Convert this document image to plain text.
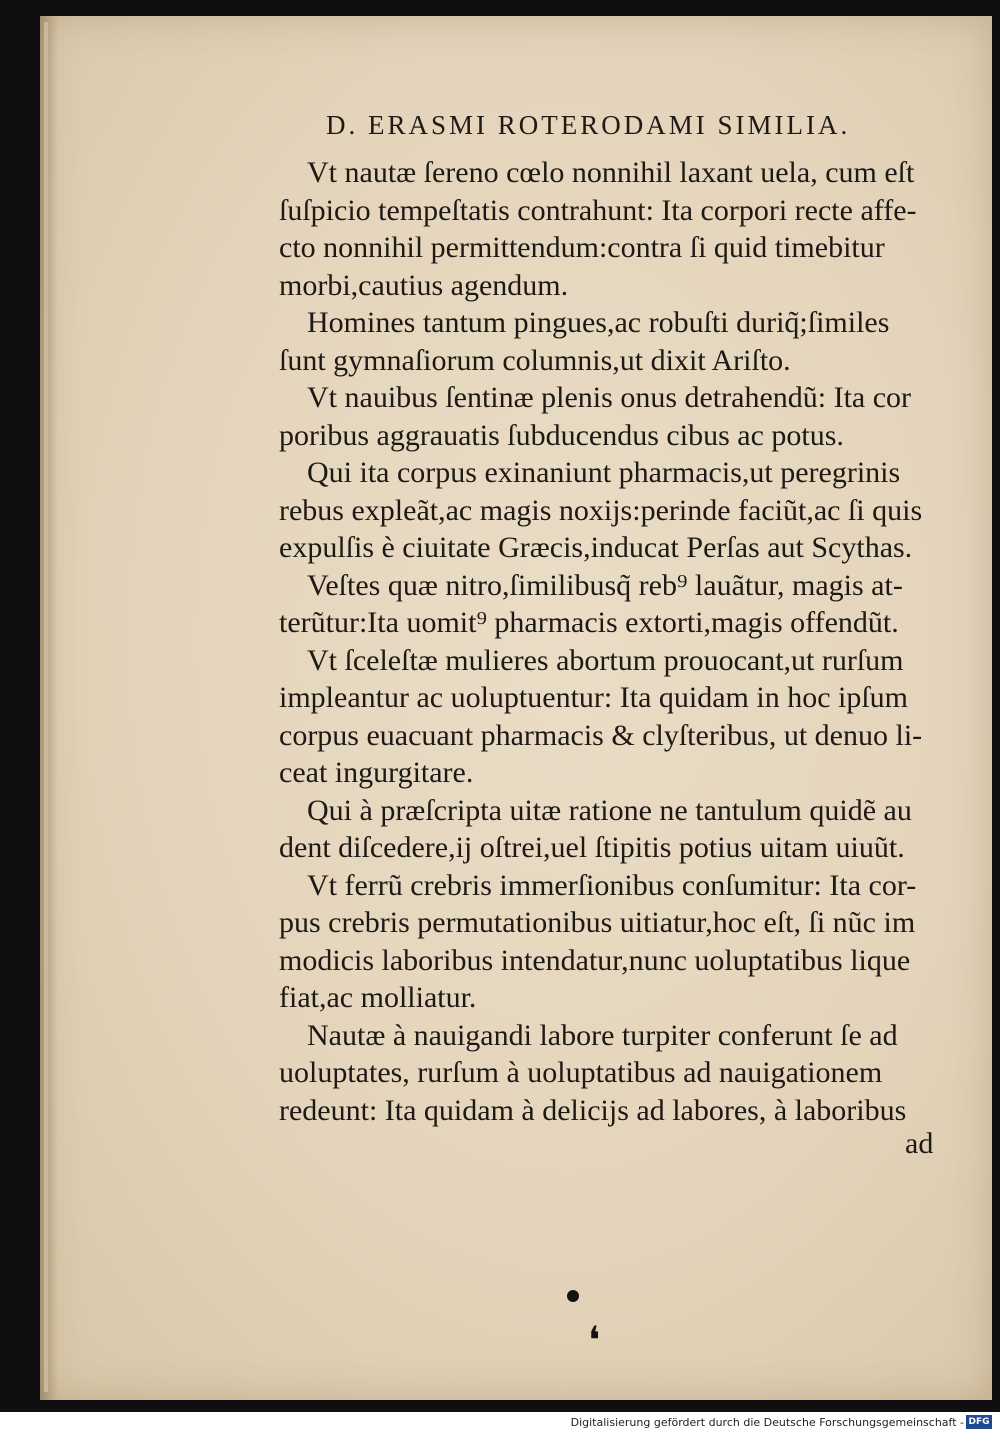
D. ERASMI ROTERODAMI SIMILIA.
Vt nautæ ſereno cœlo nonnihil laxant uela, cum eſt
ſuſpicio tempeſtatis contrahunt: Ita corpori recte affe-
cto nonnihil permittendum:contra ſi quid timebitur
morbi,cautius agendum.
Homines tantum pingues,ac robuſti duriq̃;ſimiles
ſunt gymnaſiorum columnis,ut dixit Ariſto.
Vt nauibus ſentinæ plenis onus detrahendũ: Ita cor
poribus aggrauatis ſubducendus cibus ac potus.
Qui ita corpus exinaniunt pharmacis,ut peregrinis
rebus expleãt,ac magis noxijs:perinde faciũt,ac ſi quis
expulſis è ciuitate Græcis,inducat Perſas aut Scythas.
Veſtes quæ nitro,ſimilibusq̃ reb⁹ lauãtur, magis at-
terũtur:Ita uomit⁹ pharmacis extorti,magis offendũt.
Vt ſceleſtæ mulieres abortum prouocant,ut rurſum
impleantur ac uoluptuentur: Ita quidam in hoc ipſum
corpus euacuant pharmacis & clyſteribus, ut denuo li-
ceat ingurgitare.
Qui à præſcripta uitæ ratione ne tantulum quidẽ au
dent diſcedere,ij oſtrei,uel ſtipitis potius uitam uiuũt.
Vt ferrũ crebris immerſionibus conſumitur: Ita cor-
pus crebris permutationibus uitiatur,hoc eſt, ſi nũc im
modicis laboribus intendatur,nunc uoluptatibus lique
fiat,ac molliatur.
Nautæ à nauigandi labore turpiter conferunt ſe ad
uoluptates, rurſum à uoluptatibus ad nauigationem
redeunt: Ita quidam à delicijs ad labores, à laboribus
ad
❛
Digitalisierung gefördert durch die Deutsche Forschungsgemeinschaft - DFG
